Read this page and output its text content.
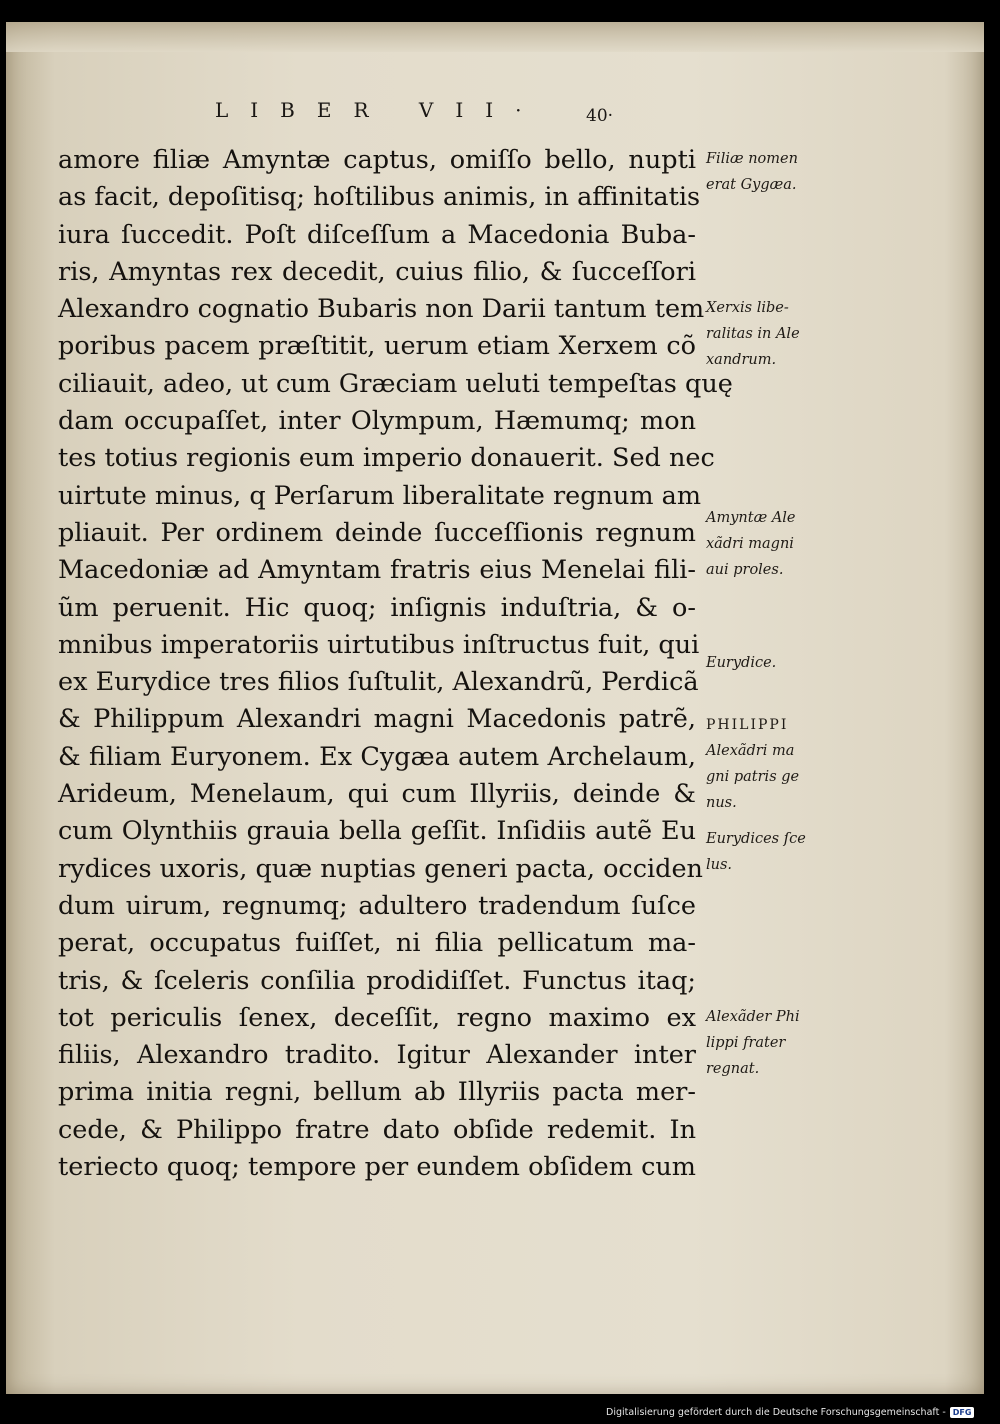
LIBER VII·	40·
amore filiæ Amyntæ captus, omiſſo bello, nupti
as facit, depoſitisq; hoſtilibus animis, in affinitatis
iura ſuccedit. Poſt diſceſſum a Macedonia Buba-
ris, Amyntas rex decedit, cuius filio, & ſucceſſori
Alexandro cognatio Bubaris non Darii tantum tem
poribus pacem præſtitit, uerum etiam Xerxem cõ
ciliauit, adeo, ut cum Græciam ueluti tempeſtas quę
dam occupaſſet, inter Olympum, Hæmumq; mon
tes totius regionis eum imperio donauerit. Sed nec
uirtute minus, q Perſarum liberalitate regnum am
pliauit. Per ordinem deinde ſucceſſionis regnum
Macedoniæ ad Amyntam fratris eius Menelai fili-
ũm peruenit. Hic quoq; inſignis induſtria, & o-
mnibus imperatoriis uirtutibus inſtructus fuit, qui
ex Eurydice tres filios ſuſtulit, Alexandrũ, Perdicã
& Philippum Alexandri magni Macedonis patrẽ,
& filiam Euryonem. Ex Cygæa autem Archelaum,
Arideum, Menelaum, qui cum Illyriis, deinde &
cum Olynthiis grauia bella geſſit. Inſidiis autẽ Eu
rydices uxoris, quæ nuptias generi pacta, occiden
dum uirum, regnumq; adultero tradendum ſuſce
perat, occupatus fuiſſet, ni filia pellicatum ma-
tris, & ſceleris conſilia prodidiſſet. Functus itaq;
tot periculis ſenex, deceſſit, regno maximo ex
filiis, Alexandro tradito. Igitur Alexander inter
prima initia regni, bellum ab Illyriis pacta mer-
cede, & Philippo fratre dato obſide redemit. In
teriecto quoq; tempore per eundem obſidem cum
Filiæ nomen
erat Gygæa.
Xerxis libe-
ralitas in Ale
xandrum.
Amyntæ Ale
xãdri magni
aui proles.
Eurydice.
PHILIPPI
Alexãdri ma
gni patris ge
nus.
Eurydices ſce
lus.
Alexãder Phi
lippi frater
regnat.
Digitalisierung gefördert durch die Deutsche Forschungsgemeinschaft - DFG
